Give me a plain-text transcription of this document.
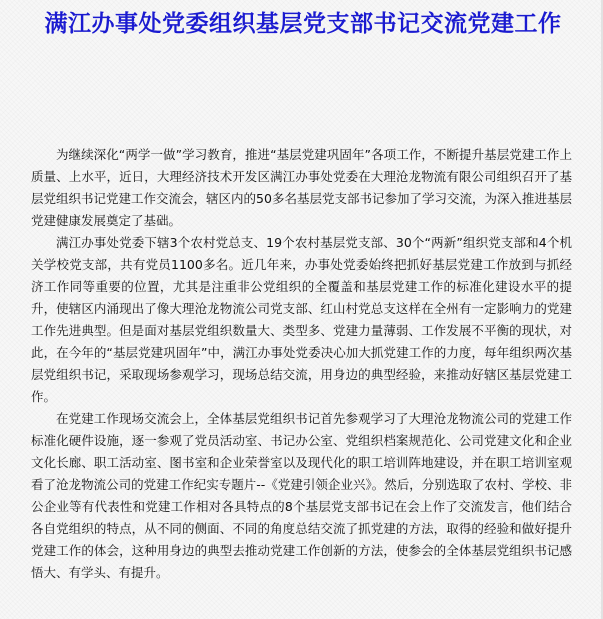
满江办事处党委组织基层党支部书记交流党建工作

为继续深化“两学一做”学习教育，推进“基层党建巩固年”各项工作，不断提升基层党建工作上质量、上水平，近日，大理经济技术开发区满江办事处党委在大理沧龙物流有限公司组织召开了基层党组织书记党建工作交流会，辖区内的50多名基层党支部书记参加了学习交流，为深入推进基层党建健康发展奠定了基础。

满江办事处党委下辖3个农村党总支、19个农村基层党支部、30个“两新”组织党支部和4个机关学校党支部，共有党员1100多名。近几年来，办事处党委始终把抓好基层党建工作放到与抓经济工作同等重要的位置，尤其是注重非公党组织的全覆盖和基层党建工作的标准化建设水平的提升，使辖区内涌现出了像大理沧龙物流公司党支部、红山村党总支这样在全州有一定影响力的党建工作先进典型。但是面对基层党组织数量大、类型多、党建力量薄弱、工作发展不平衡的现状，对此，在今年的“基层党建巩固年”中，满江办事处党委决心加大抓党建工作的力度，每年组织两次基层党组织书记，采取现场参观学习，现场总结交流，用身边的典型经验，来推动好辖区基层党建工作。

在党建工作现场交流会上，全体基层党组织书记首先参观学习了大理沧龙物流公司的党建工作标准化硬件设施，逐一参观了党员活动室、书记办公室、党组织档案规范化、公司党建文化和企业文化长廊、职工活动室、图书室和企业荣誉室以及现代化的职工培训阵地建设，并在职工培训室观看了沧龙物流公司的党建工作纪实专题片--《党建引领企业兴》。然后，分别选取了农村、学校、非公企业等有代表性和党建工作相对各具特点的8个基层党支部书记在会上作了交流发言，他们结合各自党组织的特点，从不同的侧面、不同的角度总结交流了抓党建的方法，取得的经验和做好提升党建工作的体会，这种用身边的典型去推动党建工作创新的方法，使参会的全体基层党组织书记感悟大、有学头、有提升。
